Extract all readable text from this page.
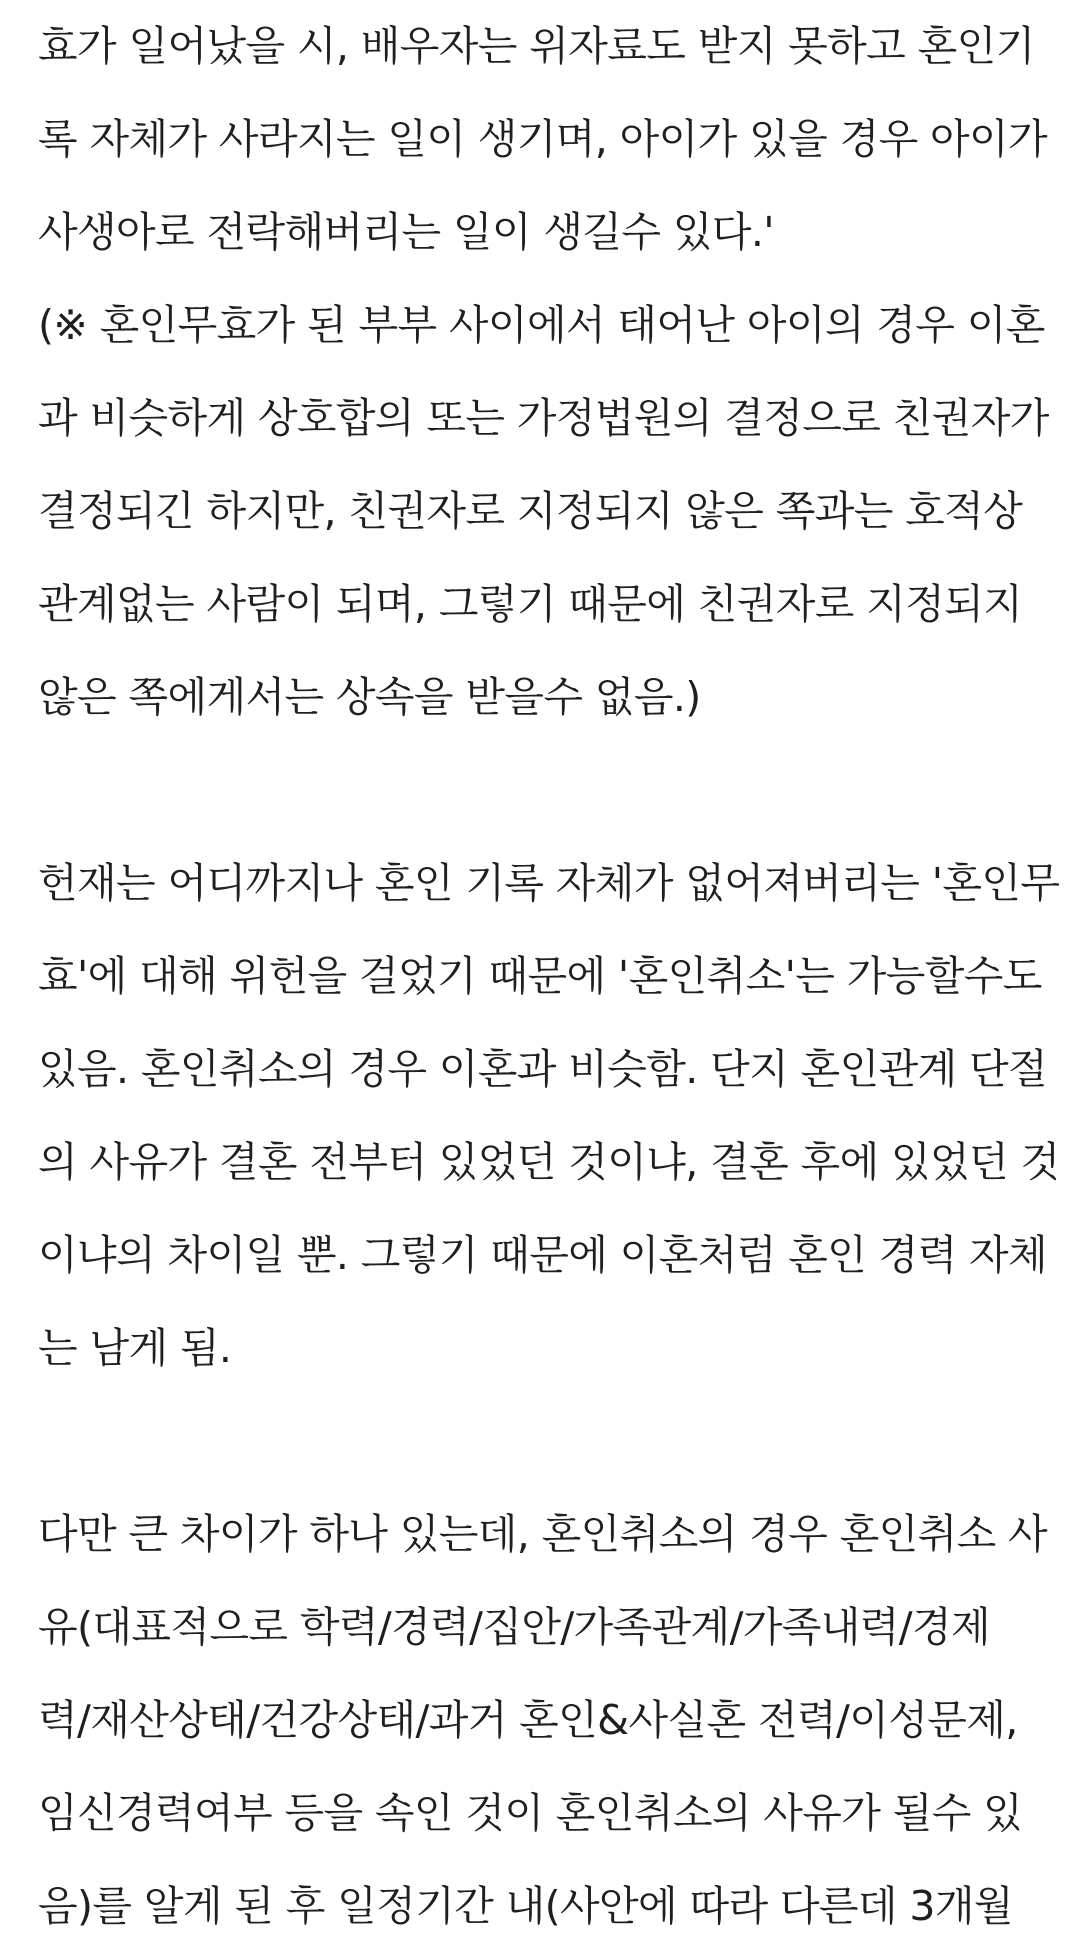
효가 일어났을 시, 배우자는 위자료도 받지 못하고 혼인기
록 자체가 사라지는 일이 생기며, 아이가 있을 경우 아이가
사생아로 전락해버리는 일이 생길수 있다.'
(※ 혼인무효가 된 부부 사이에서 태어난 아이의 경우 이혼
과 비슷하게 상호합의 또는 가정법원의 결정으로 친권자가
결정되긴 하지만, 친권자로 지정되지 않은 쪽과는 호적상
관계없는 사람이 되며, 그렇기 때문에 친권자로 지정되지
않은 쪽에게서는 상속을 받을수 없음.)
헌재는 어디까지나 혼인 기록 자체가 없어져버리는 '혼인무
효'에 대해 위헌을 걸었기 때문에 '혼인취소'는 가능할수도
있음. 혼인취소의 경우 이혼과 비슷함. 단지 혼인관계 단절
의 사유가 결혼 전부터 있었던 것이냐, 결혼 후에 있었던 것
이냐의 차이일 뿐. 그렇기 때문에 이혼처럼 혼인 경력 자체
는 남게 됨.
다만 큰 차이가 하나 있는데, 혼인취소의 경우 혼인취소 사
유(대표적으로 학력/경력/집안/가족관계/가족내력/경제
력/재산상태/건강상태/과거 혼인&사실혼 전력/이성문제,
임신경력여부 등을 속인 것이 혼인취소의 사유가 될수 있
음)를 알게 된 후 일정기간 내(사안에 따라 다른데 3개월
